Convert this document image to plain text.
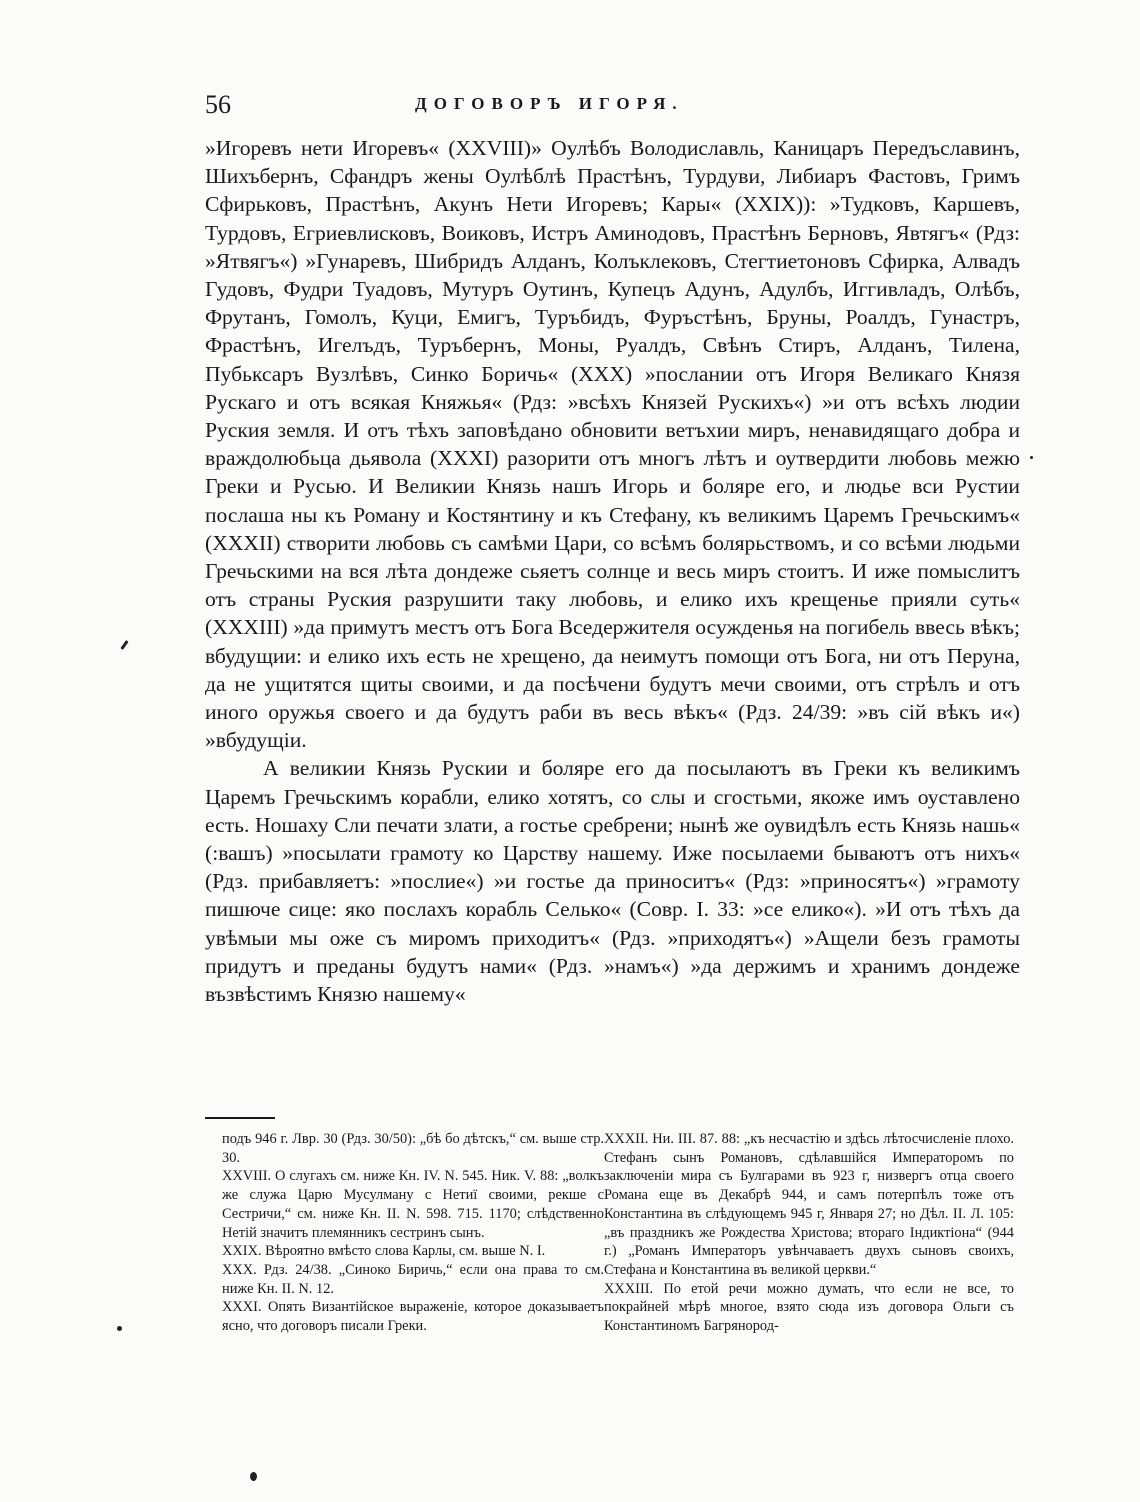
56	ДОГОВОРЪ ИГОРЯ.

»Игоревъ нети Игоревъ« (XXVIII)» Оулѣбъ Володиславль, Каницаръ Передъславинъ, Шихъбернъ, Сфандръ жены Оулѣблѣ Прастѣнъ, Турдуви, Либиаръ Фастовъ, Гримъ Сфирьковъ, Прастѣнъ, Акунъ Нети Игоревъ; Кары« (XXIX)): »Тудковъ, Каршевъ, Турдовъ, Егриевлисковъ, Воиковъ, Истръ Аминодовъ, Прастѣнъ Берновъ, Явтягъ« (Рдз: »Ятвягъ«) »Гунаревъ, Шибридъ Алданъ, Колъклековъ, Стегтиетоновъ Сфирка, Алвадъ Гудовъ, Фудри Туадовъ, Мутуръ Оутинъ, Купецъ Адунъ, Адулбъ, Иггивладъ, Олѣбъ, Фрутанъ, Гомолъ, Куци, Емигъ, Туръбидъ, Фуръстѣнъ, Бруны, Роалдъ, Гунастръ, Фрастѣнъ, Игелъдъ, Туръбернъ, Моны, Руалдъ, Свѣнъ Стиръ, Алданъ, Тилена, Пубьксаръ Вузлѣвъ, Синко Боричь« (XXX) »послании отъ Игоря Великаго Князя Рускаго и отъ всякая Княжья« (Рдз: »всѣхъ Князей Рускихъ«) »и отъ всѣхъ людии Руския земля. И отъ тѣхъ заповѣдано обновити ветъхии миръ, ненавидящаго добра и враждолюбьца дьявола (XXXI) разорити отъ многъ лѣтъ и оутвердити любовь межю Греки и Русью. И Великии Князь нашъ Игорь и боляре его, и людье вси Рустии послаша ны къ Роману и Костянтину и къ Стефану, къ великимъ Царемъ Гречьскимъ« (XXXII) створити любовь съ самѣми Цари, со всѣмъ болярьствомъ, и со всѣми людьми Гречьскими на вся лѣта дондеже сьяетъ солнце и весь миръ стоитъ. И иже помыслитъ отъ страны Руския разрушити таку любовь, и елико ихъ крещенье прияли суть« (XXXIII) »да примутъ местъ отъ Бога Вседержителя осужденья на погибель ввесь вѣкъ; вбудущии: и елико ихъ есть не хрещено, да неимутъ помощи отъ Бога, ни отъ Перуна, да не ущитятся щиты своими, и да посѣчени будутъ мечи своими, отъ стрѣлъ и отъ иного оружья своего и да будутъ раби въ весь вѣкъ« (Рдз. 24/39: »въ сій вѣкъ и«) »вбудущіи.

А великии Князь Рускии и боляре его да посылаютъ въ Греки къ великимъ Царемъ Гречьскимъ корабли, елико хотятъ, со слы и сгостьми, якоже имъ оуставлено есть. Ношаху Сли печати злати, а гостье сребрени; нынѣ же оувидѣлъ есть Князь нашь« (:вашъ) »посылати грамоту ко Царству нашему. Иже посылаеми бываютъ отъ нихъ« (Рдз. прибавляетъ: »послие«) »и гостье да приноситъ« (Рдз: »приносятъ«) »грамоту пишюче сице: яко послахъ корабль Селько« (Совр. I. 33: »се елико«). »И отъ тѣхъ да увѣмыи мы оже съ миромъ приходитъ« (Рдз. »приходятъ«) »Ащели безъ грамоты придутъ и преданы будутъ нами« (Рдз. »намъ«) »да держимъ и хранимъ дондеже възвѣстимъ Князю нашему«

подъ 946 г. Лвр. 30 (Рдз. 30/50): „бѣ бо дѣтскъ,“ см. выше стр. 30.

XXVIII. О слугахъ см. ниже Кн. IV. N. 545. Ник. V. 88: „волкъ же служа Царю Мусулману с Нетиї своими, рекше с Сестричи,“ см. ниже Кн. II. N. 598. 715. 1170; слѣдственно Нетій значитъ племянникъ сестринъ сынъ.

XXIX. Вѣроятно вмѣсто слова Карлы, см. выше N. I.

XXX. Рдз. 24/38. „Синоко Биричь,“ если она права то см. ниже Кн. II. N. 12.

XXXI. Опять Византійское выраженіе, которое доказываетъ ясно, что договоръ писали Греки.

XXXII. Ни. III. 87. 88: „къ несчастію и здѣсь лѣтосчисленіе плохо. Стефанъ сынъ Романовъ, сдѣлавшійся Императоромъ по заключеніи мира съ Булгарами въ 923 г, низвергъ отца своего Романа еще въ Декабрѣ 944, и самъ потерпѣлъ тоже отъ Константина въ слѣдующемъ 945 г, Января 27; но Дѣл. II. Л. 105: „въ праздникъ же Рождества Христова; втораго Індиктіона“ (944 г.) „Романъ Императоръ увѣнчаваетъ двухъ сыновъ своихъ, Стефана и Константина въ великой церкви.“

XXXIII. По етой речи можно думать, что если не все, то покрайней мѣрѣ многое, взято сюда изъ договора Ольги съ Константиномъ Багрянород-
